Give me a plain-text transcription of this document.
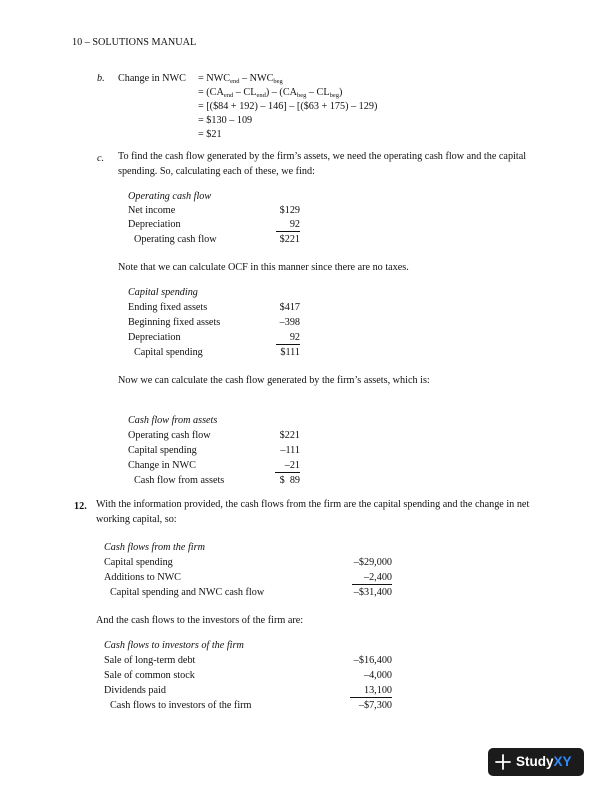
10 – SOLUTIONS MANUAL
b. Change in NWC = $NWC_{end} - NWC_{beg}$
= $(CA_{end} - CL_{end}) - (CA_{beg} - CL_{beg})$
= [($84 + 192) – 146] – [($63 + 175) – 129)
= $130 – 109
= $21
c. To find the cash flow generated by the firm’s assets, we need the operating cash flow and the capital spending. So, calculating each of these, we find:
Operating cash flow
Net income	$129
Depreciation	92
Operating cash flow	$221
Note that we can calculate OCF in this manner since there are no taxes.
Capital spending
Ending fixed assets	$417
Beginning fixed assets	–398
Depreciation	92
Capital spending	$111
Now we can calculate the cash flow generated by the firm’s assets, which is:
Cash flow from assets
Operating cash flow	$221
Capital spending	–111
Change in NWC	–21
Cash flow from assets	$  89
12. With the information provided, the cash flows from the firm are the capital spending and the change in net working capital, so:
Cash flows from the firm
Capital spending	–$29,000
Additions to NWC	–2,400
Capital spending and NWC cash flow	–$31,400
And the cash flows to the investors of the firm are:
Cash flows to investors of the firm
Sale of long-term debt	–$16,400
Sale of common stock	–4,000
Dividends paid	13,100
Cash flows to investors of the firm	–$7,300
StudyXY
